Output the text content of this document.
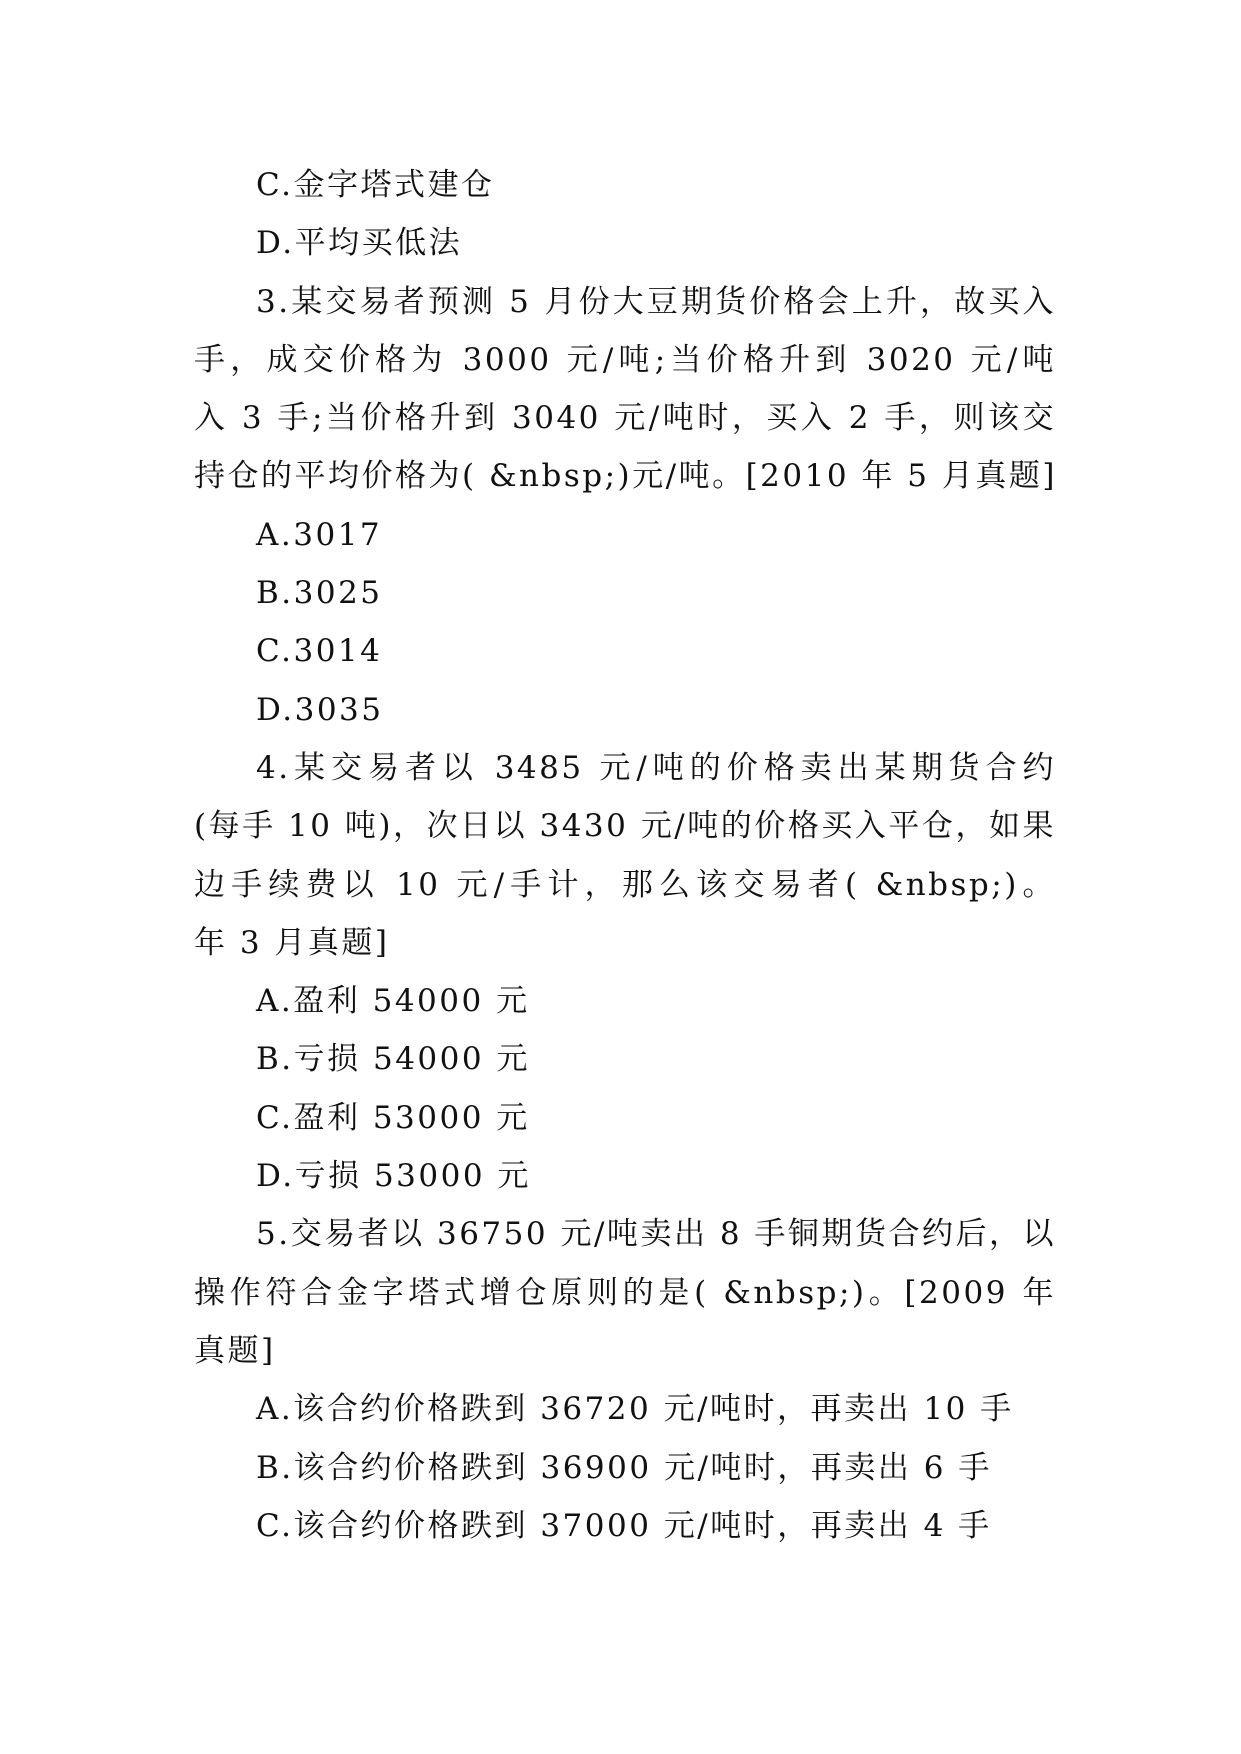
C.金字塔式建仓
D.平均买低法
3.某交易者预测 5 月份大豆期货价格会上升，故买入
手，成交价格为 3000 元/吨;当价格升到 3020 元/吨
入 3 手;当价格升到 3040 元/吨时，买入 2 手，则该交
持仓的平均价格为( &nbsp;)元/吨。[2010 年 5 月真题]
A.3017
B.3025
C.3014
D.3035
4.某交易者以 3485 元/吨的价格卖出某期货合约
(每手 10 吨)，次日以 3430 元/吨的价格买入平仓，如果
边手续费以 10 元/手计，那么该交易者( &nbsp;)。
年 3 月真题]
A.盈利 54000 元
B.亏损 54000 元
C.盈利 53000 元
D.亏损 53000 元
5.交易者以 36750 元/吨卖出 8 手铜期货合约后，以
操作符合金字塔式增仓原则的是( &nbsp;)。[2009 年
真题]
A.该合约价格跌到 36720 元/吨时，再卖出 10 手
B.该合约价格跌到 36900 元/吨时，再卖出 6 手
C.该合约价格跌到 37000 元/吨时，再卖出 4 手
